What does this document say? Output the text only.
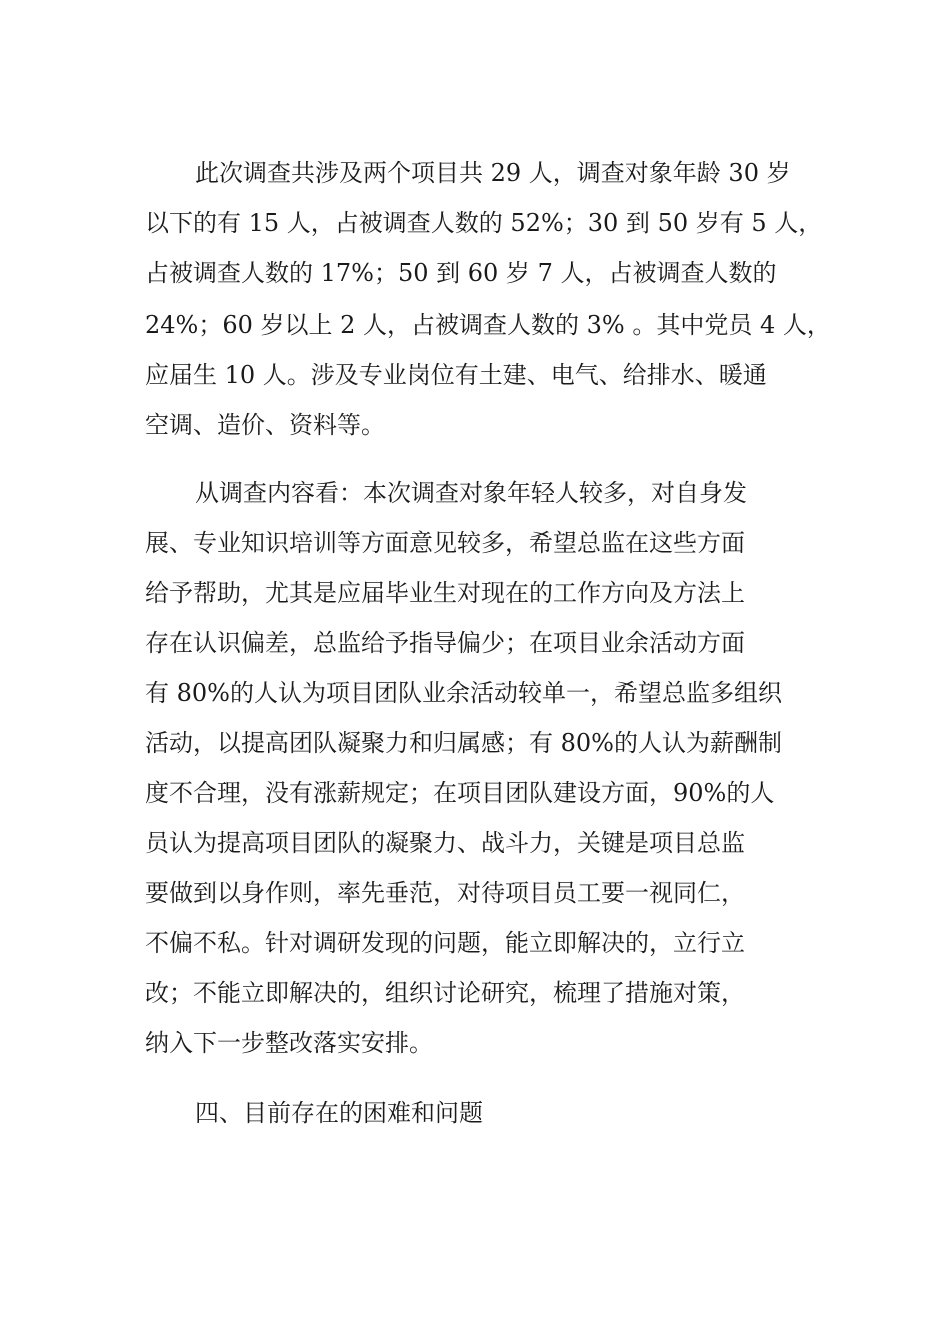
此次调查共涉及两个项目共 29 人，调查对象年龄 30 岁
以下的有 15 人，占被调查人数的 52%；30 到 50 岁有 5 人，
占被调查人数的 17%；50 到 60 岁 7 人，占被调查人数的
24%；60 岁以上 2 人，占被调查人数的 3% 。其中党员 4 人，
应届生 10 人。涉及专业岗位有土建、电气、给排水、暖通
空调、造价、资料等。
从调查内容看：本次调查对象年轻人较多，对自身发
展、专业知识培训等方面意见较多，希望总监在这些方面
给予帮助，尤其是应届毕业生对现在的工作方向及方法上
存在认识偏差，总监给予指导偏少；在项目业余活动方面
有 80%的人认为项目团队业余活动较单一，希望总监多组织
活动，以提高团队凝聚力和归属感；有 80%的人认为薪酬制
度不合理，没有涨薪规定；在项目团队建设方面，90%的人
员认为提高项目团队的凝聚力、战斗力，关键是项目总监
要做到以身作则，率先垂范，对待项目员工要一视同仁，
不偏不私。针对调研发现的问题，能立即解决的，立行立
改；不能立即解决的，组织讨论研究，梳理了措施对策，
纳入下一步整改落实安排。
四、目前存在的困难和问题
